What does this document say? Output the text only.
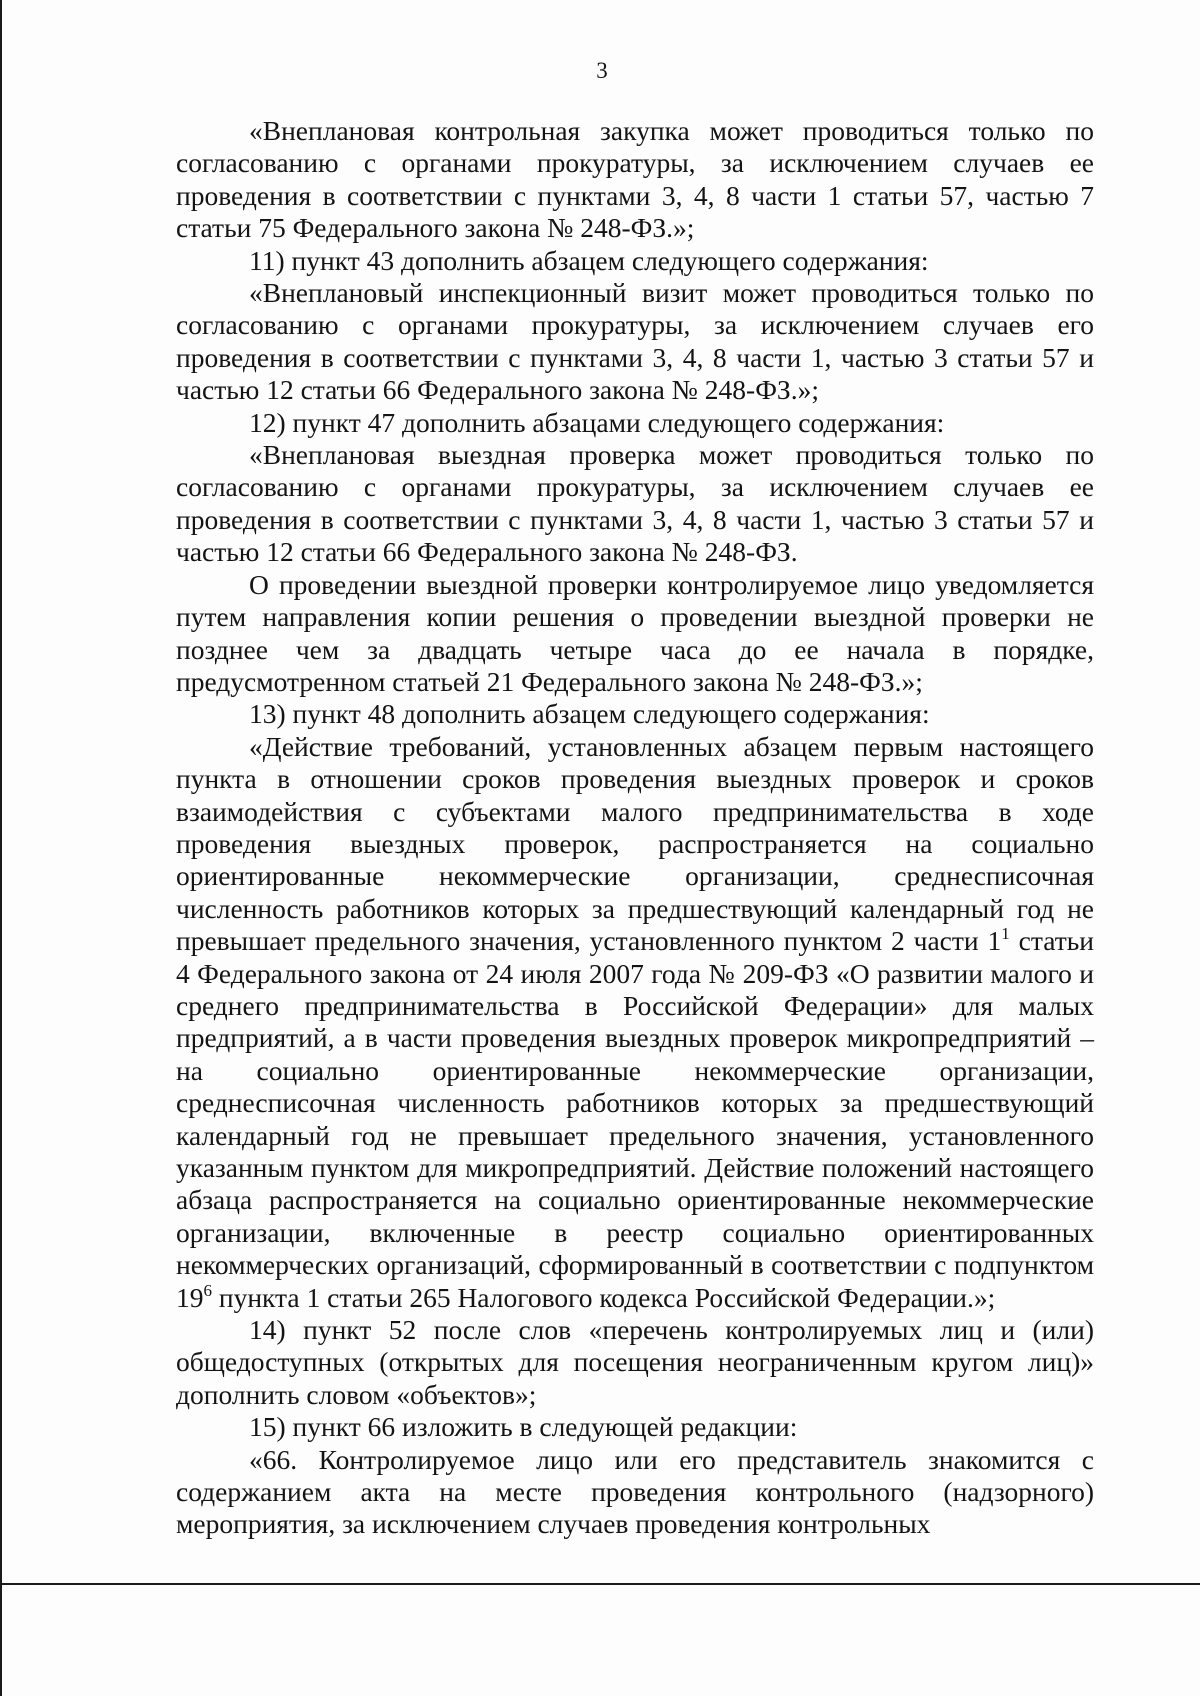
3

«Внеплановая контрольная закупка может проводиться только по согласованию с органами прокуратуры, за исключением случаев ее проведения в соответствии с пунктами 3, 4, 8 части 1 статьи 57, частью 7 статьи 75 Федерального закона № 248-ФЗ.»;

11) пункт 43 дополнить абзацем следующего содержания:

«Внеплановый инспекционный визит может проводиться только по согласованию с органами прокуратуры, за исключением случаев его проведения в соответствии с пунктами 3, 4, 8 части 1, частью 3 статьи 57 и частью 12 статьи 66 Федерального закона № 248-ФЗ.»;

12) пункт 47 дополнить абзацами следующего содержания:

«Внеплановая выездная проверка может проводиться только по согласованию с органами прокуратуры, за исключением случаев ее проведения в соответствии с пунктами 3, 4, 8 части 1, частью 3 статьи 57 и частью 12 статьи 66 Федерального закона № 248-ФЗ.

О проведении выездной проверки контролируемое лицо уведомляется путем направления копии решения о проведении выездной проверки не позднее чем за двадцать четыре часа до ее начала в порядке, предусмотренном статьей 21 Федерального закона № 248-ФЗ.»;

13) пункт 48 дополнить абзацем следующего содержания:

«Действие требований, установленных абзацем первым настоящего пункта в отношении сроков проведения выездных проверок и сроков взаимодействия с субъектами малого предпринимательства в ходе проведения выездных проверок, распространяется на социально ориентированные некоммерческие организации, среднесписочная численность работников которых за предшествующий календарный год не превышает предельного значения, установленного пунктом 2 части $1^1$ статьи 4 Федерального закона от 24 июля 2007 года № 209-ФЗ «О развитии малого и среднего предпринимательства в Российской Федерации» для малых предприятий, а в части проведения выездных проверок микропредприятий – на социально ориентированные некоммерческие организации, среднесписочная численность работников которых за предшествующий календарный год не превышает предельного значения, установленного указанным пунктом для микропредприятий. Действие положений настоящего абзаца распространяется на социально ориентированные некоммерческие организации, включенные в реестр социально ориентированных некоммерческих организаций, сформированный в соответствии с подпунктом $19^6$ пункта 1 статьи 265 Налогового кодекса Российской Федерации.»;

14) пункт 52 после слов «перечень контролируемых лиц и (или) общедоступных (открытых для посещения неограниченным кругом лиц)» дополнить словом «объектов»;

15) пункт 66 изложить в следующей редакции:

«66. Контролируемое лицо или его представитель знакомится с содержанием акта на месте проведения контрольного (надзорного) мероприятия, за исключением случаев проведения контрольных
